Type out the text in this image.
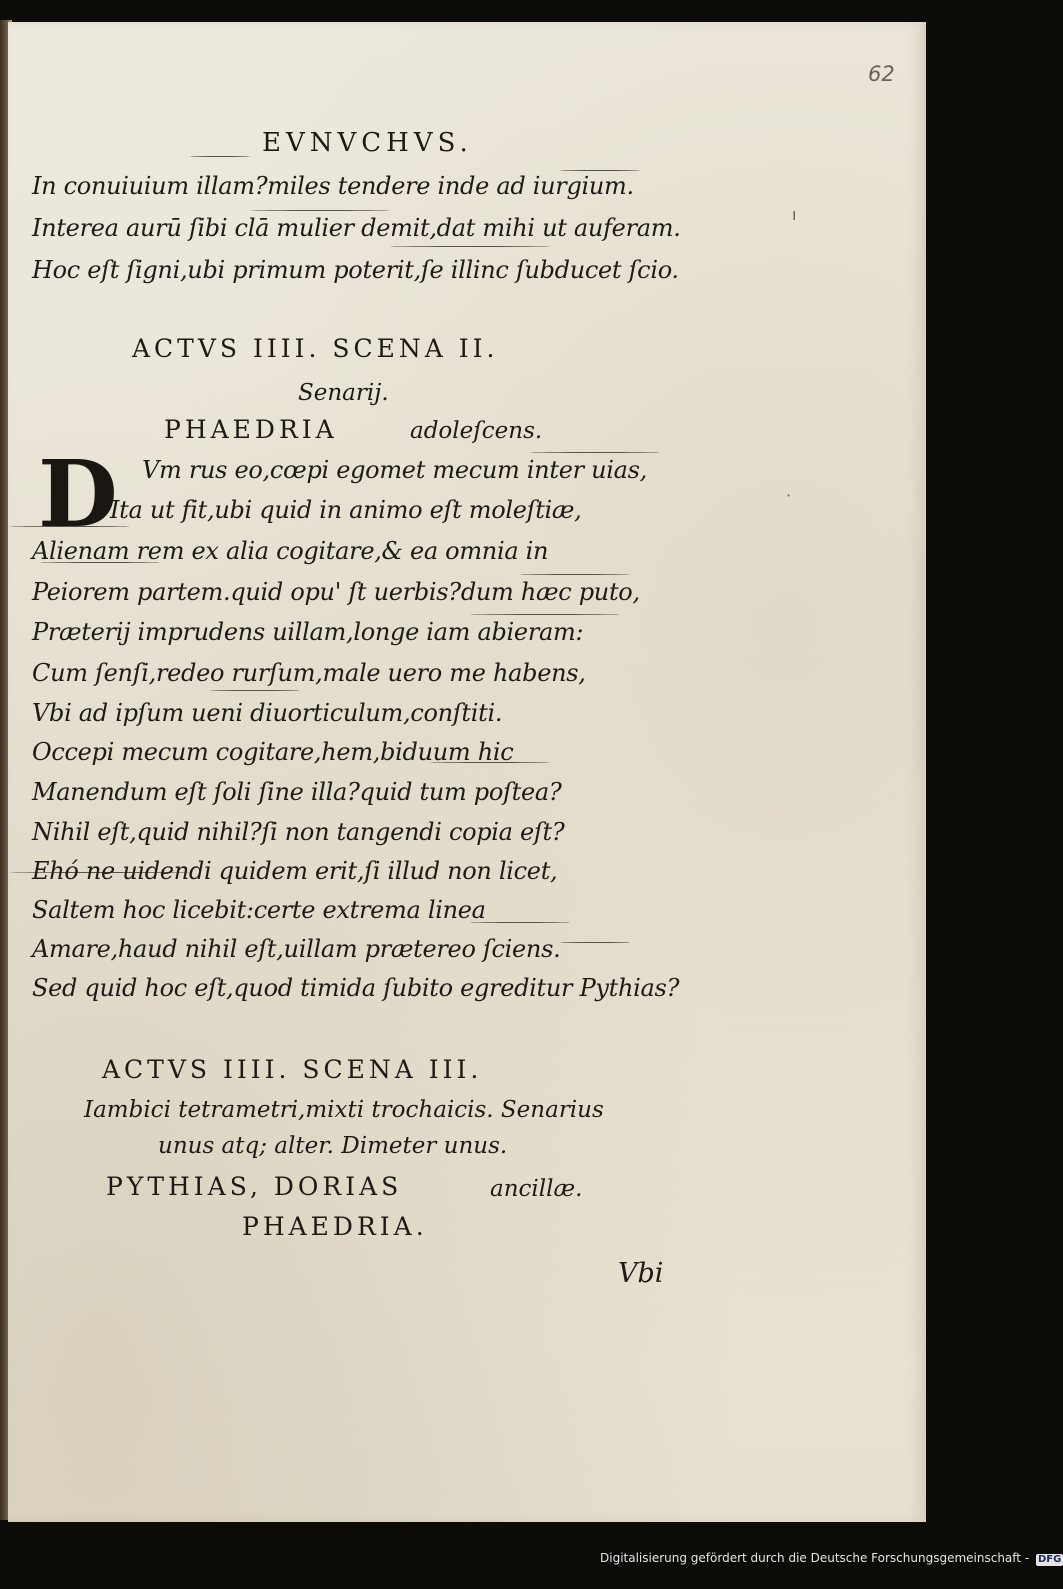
62
EVNVCHVS.

In conuiuium illam?miles tendere inde ad iurgium.

Interea aurū ſibi clā mulier demit,dat mihi ut auferam.

Hoc eſt ſigni,ubi primum poterit,ſe illinc ſubducet ſcio.

ACTVS IIII. SCENA II.
Senarij.
PHAEDRIA	adoleſcens.
D Vm rus eo,cœpi egomet mecum inter uias,

Ita ut fit,ubi quid in animo eſt moleſtiæ,

Alienam rem ex alia cogitare,& ea omnia in

Peiorem partem.quid opu' ſt uerbis?dum hæc puto,

Præterij imprudens uillam,longe iam abieram:

Cum ſenſi,redeo rurſum,male uero me habens,

Vbi ad ipſum ueni diuorticulum,conſtiti.

Occepi mecum cogitare,hem,biduum hic

Manendum eſt ſoli ſine illa?quid tum poſtea?

Nihil eſt,quid nihil?ſi non tangendi copia eſt?

Ehó ne uidendi quidem erit,ſi illud non licet,

Saltem hoc licebit:certe extrema linea

Amare,haud nihil eſt,uillam prætereo ſciens.

Sed quid hoc eſt,quod timida ſubito egreditur Pythias?

ACTVS IIII. SCENA III.
Iambici tetrametri,mixti trochaicis. Senarius
unus atq; alter. Dimeter unus.
PYTHIAS, DORIAS	ancillæ.
PHAEDRIA.
Vbi
ı
·
Digitalisierung gefördert durch die Deutsche Forschungsgemeinschaft - DFG
